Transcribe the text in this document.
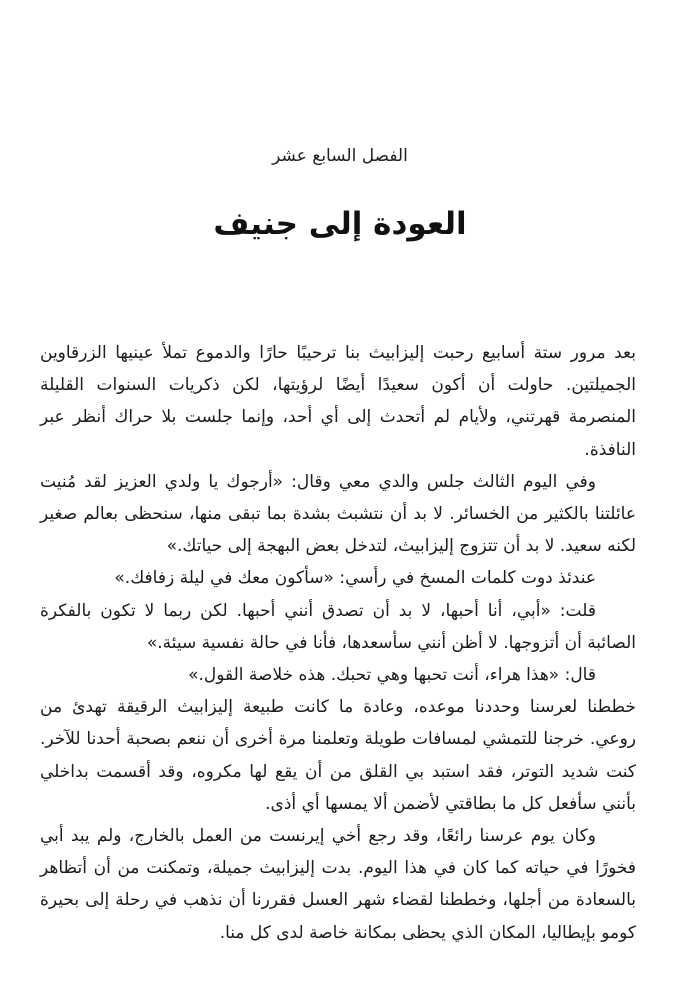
الفصل السابع عشر
العودة إلى جنيف

بعد مرور ستة أسابيع رحبت إليزابيث بنا ترحيبًا حارًا والدموع تملأ عينيها الزرقاوين الجميلتين. حاولت أن أكون سعيدًا أيضًا لرؤيتها، لكن ذكريات السنوات القليلة المنصرمة قهرتني، ولأيام لم أتحدث إلى أي أحد، وإنما جلست بلا حراك أنظر عبر النافذة.

وفي اليوم الثالث جلس والدي معي وقال: «أرجوك يا ولدي العزيز لقد مُنيت عائلتنا بالكثير من الخسائر. لا بد أن نتشبث بشدة بما تبقى منها، سنحظى بعالم صغير لكنه سعيد. لا بد أن تتزوج إليزابيث، لتدخل بعض البهجة إلى حياتك.»

عندئذ دوت كلمات المسخ في رأسي: «سأكون معك في ليلة زفافك.»

قلت: «أبي، أنا أحبها، لا بد أن تصدق أنني أحبها. لكن ربما لا تكون بالفكرة الصائبة أن أتزوجها. لا أظن أنني سأسعدها، فأنا في حالة نفسية سيئة.»

قال: «هذا هراء، أنت تحبها وهي تحبك. هذه خلاصة القول.»

خططنا لعرسنا وحددنا موعده، وعادة ما كانت طبيعة إليزابيث الرقيقة تهدئ من روعي. خرجنا للتمشي لمسافات طويلة وتعلمنا مرة أخرى أن ننعم بصحبة أحدنا للآخر. كنت شديد التوتر، فقد استبد بي القلق من أن يقع لها مكروه، وقد أقسمت بداخلي بأنني سأفعل كل ما بطاقتي لأضمن ألا يمسها أي أذى.

وكان يوم عرسنا رائعًا، وقد رجع أخي إيرنست من العمل بالخارج، ولم يبد أبي فخورًا في حياته كما كان في هذا اليوم. بدت إليزابيث جميلة، وتمكنت من أن أتظاهر بالسعادة من أجلها، وخططنا لقضاء شهر العسل فقررنا أن نذهب في رحلة إلى بحيرة كومو بإيطاليا، المكان الذي يحظى بمكانة خاصة لدى كل منا.
